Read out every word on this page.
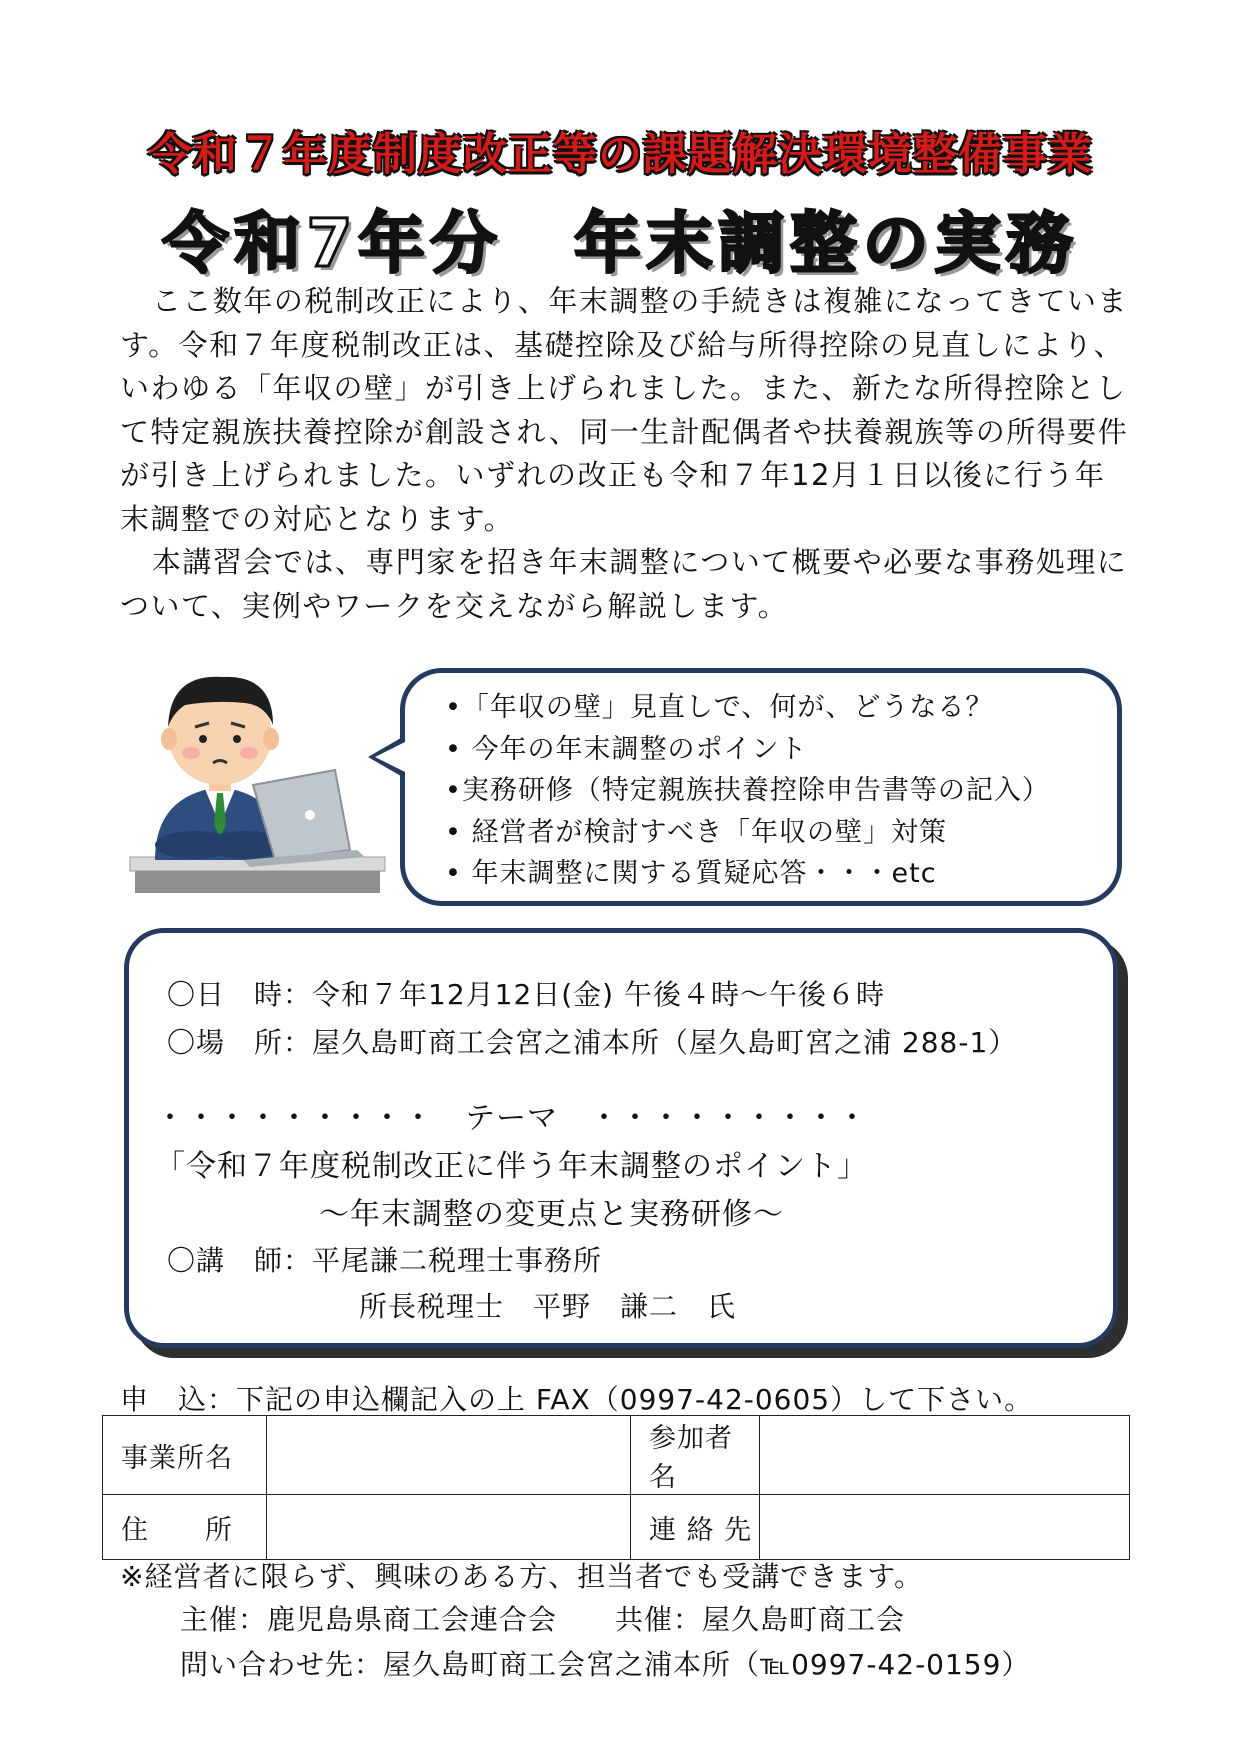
令和７年度制度改正等の課題解決環境整備事業
令和7年分　年末調整の実務

ここ数年の税制改正により、年末調整の手続きは複雑になってきています。令和７年度税制改正は、基礎控除及び給与所得控除の見直しにより、いわゆる「年収の壁」が引き上げられました。また、新たな所得控除として特定親族扶養控除が創設され、同一生計配偶者や扶養親族等の所得要件が引き上げられました。いずれの改正も令和７年12月１日以後に行う年末調整での対応となります。

本講習会では、専門家を招き年末調整について概要や必要な事務処理について、実例やワークを交えながら解説します。

•「年収の壁」見直しで、何が、どうなる？
• 今年の年末調整のポイント
•実務研修（特定親族扶養控除申告書等の記入）
• 経営者が検討すべき「年収の壁」対策
• 年末調整に関する質疑応答・・・etc
〇日　時：令和７年12月12日(金) 午後４時～午後６時
〇場　所：屋久島町商工会宮之浦本所（屋久島町宮之浦 288-1）
・・・・・・・・・　テーマ　・・・・・・・・・
「令和７年度税制改正に伴う年末調整のポイント」
～年末調整の変更点と実務研修～
〇講　師：平尾謙二税理士事務所
所長税理士　平野　謙二　氏
申　込：下記の申込欄記入の上 FAX（0997-42-0605）して下さい。
事業所名		参加者名	
住　　所		連 絡 先	
※経営者に限らず、興味のある方、担当者でも受講できます。
主催：鹿児島県商工会連合会　　共催：屋久島町商工会
問い合わせ先：屋久島町商工会宮之浦本所（℡0997-42-0159）
